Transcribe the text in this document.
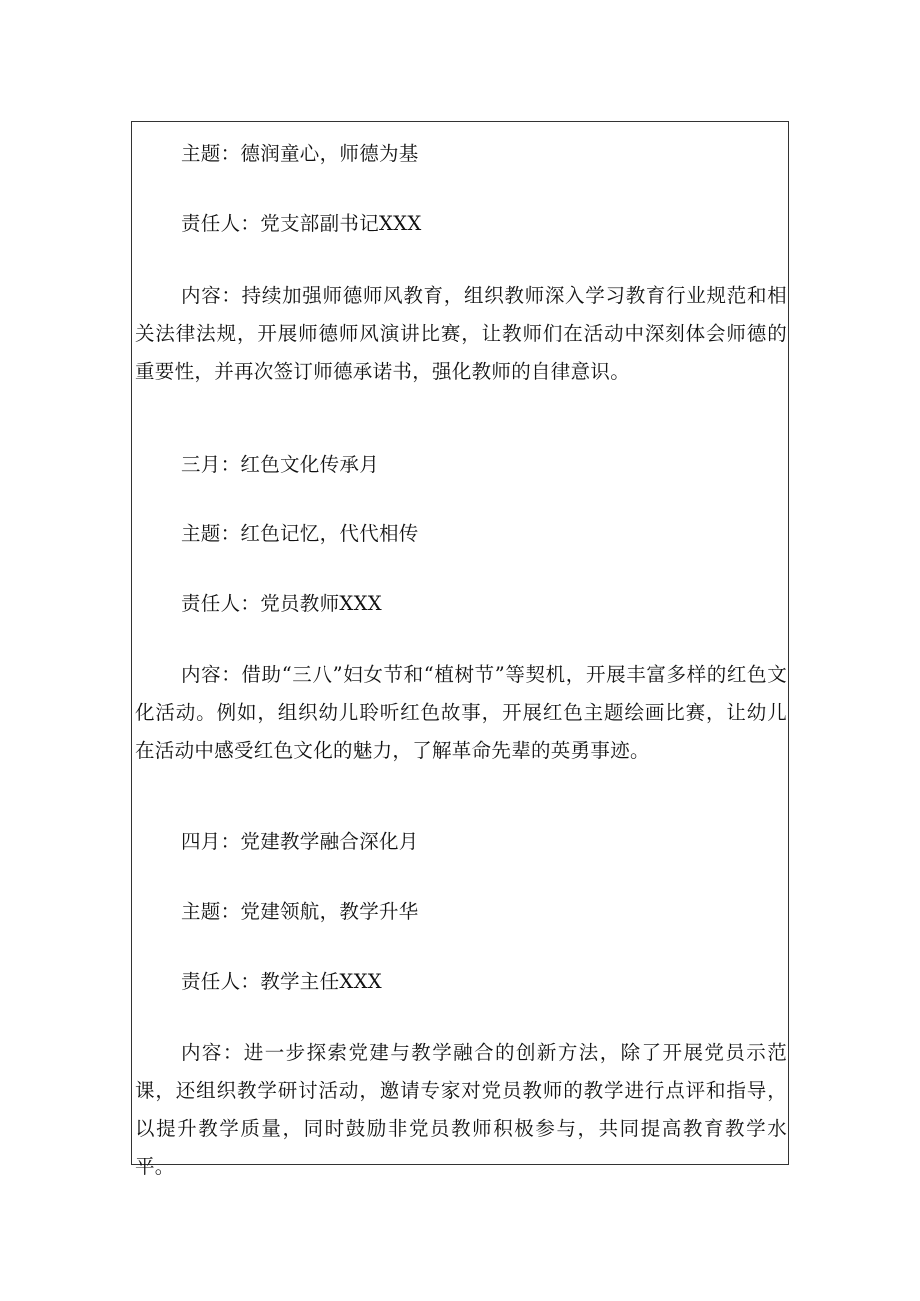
主题：德润童心，师德为基
责任人：党支部副书记XXX
内容：持续加强师德师风教育，组织教师深入学习教育行业规范和相关法律法规，开展师德师风演讲比赛，让教师们在活动中深刻体会师德的重要性，并再次签订师德承诺书，强化教师的自律意识。
三月：红色文化传承月
主题：红色记忆，代代相传
责任人：党员教师XXX
内容：借助“三八”妇女节和“植树节”等契机，开展丰富多样的红色文化活动。例如，组织幼儿聆听红色故事，开展红色主题绘画比赛，让幼儿在活动中感受红色文化的魅力，了解革命先辈的英勇事迹。
四月：党建教学融合深化月
主题：党建领航，教学升华
责任人：教学主任XXX
内容：进一步探索党建与教学融合的创新方法，除了开展党员示范课，还组织教学研讨活动，邀请专家对党员教师的教学进行点评和指导，以提升教学质量，同时鼓励非党员教师积极参与，共同提高教育教学水平。
